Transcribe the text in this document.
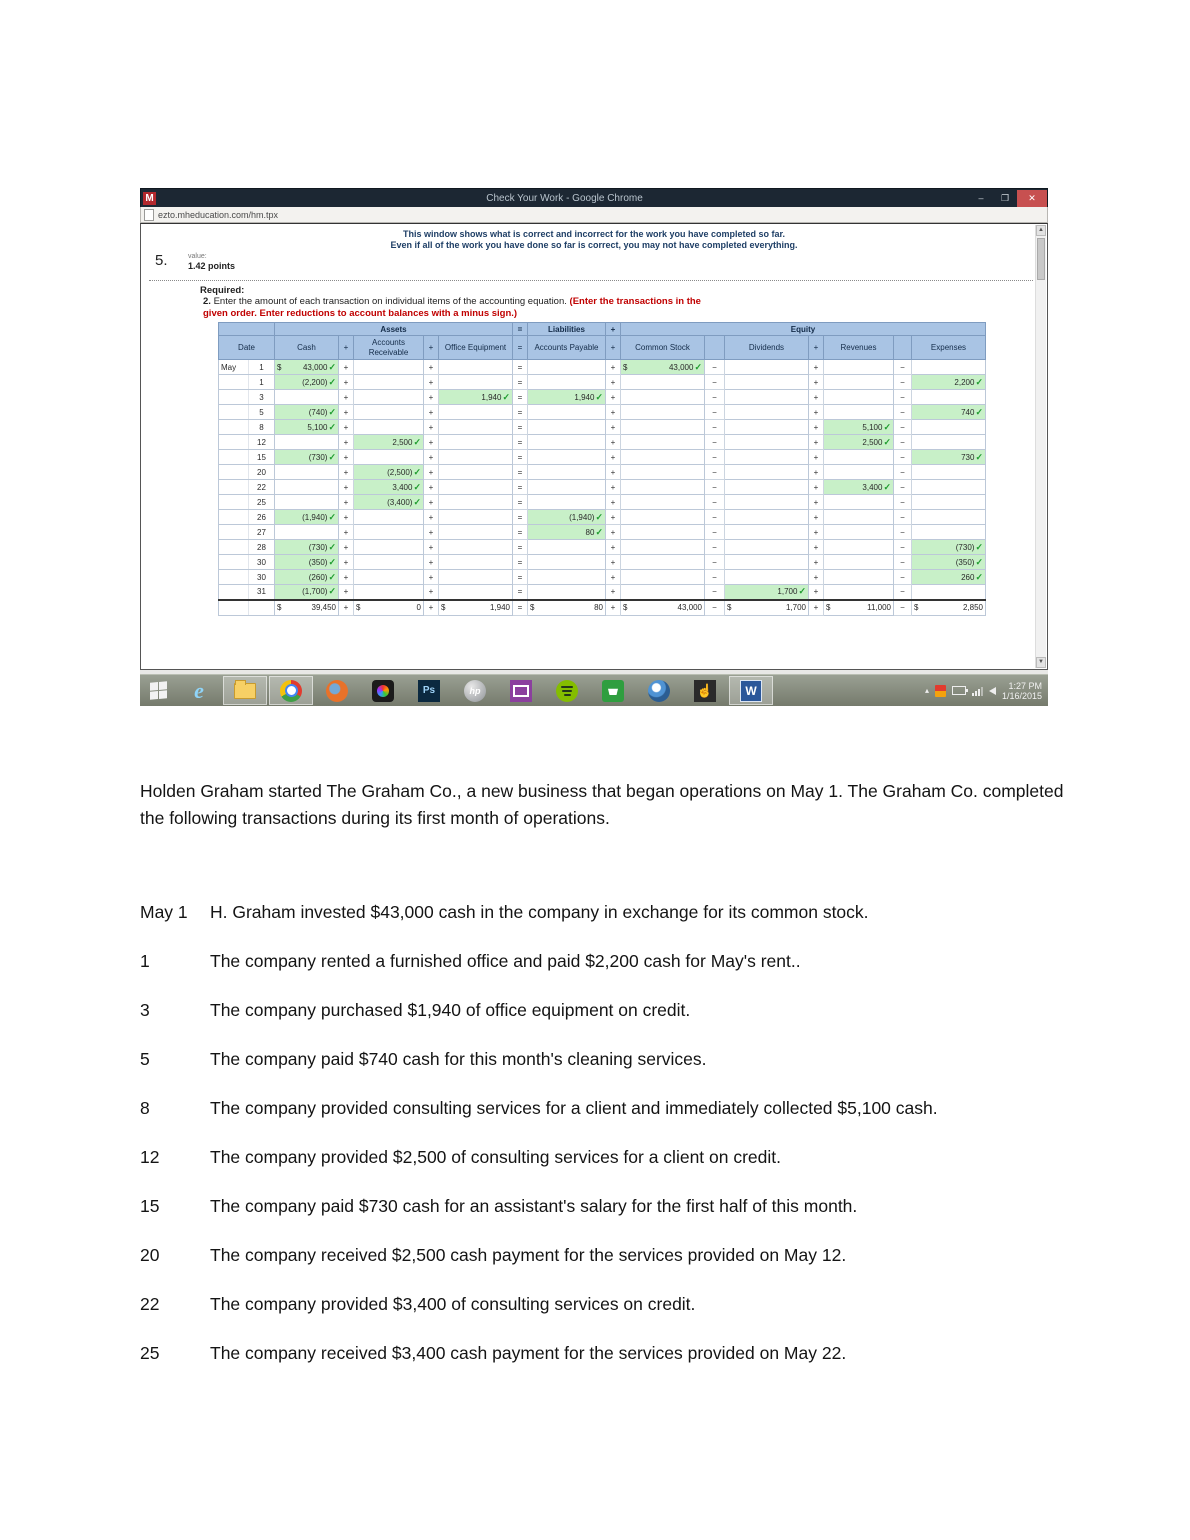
M	Check Your Work - Google Chrome	–	❐	✕
ezto.mheducation.com/hm.tpx
This window shows what is correct and incorrect for the work you have completed so far.
Even if all of the work you have done so far is correct, you may not have completed everything.
5.	value:
1.42 points
Required:
2. Enter the amount of each transaction on individual items of the accounting equation. (Enter the transactions in the given order. Enter reductions to account balances with a minus sign.)
		Assets					=	Liabilities	+	Equity						
Date		Cash	+	Accounts Receivable	+	Office Equipment	=	Accounts Payable	+	Common Stock		Dividends	+	Revenues		Expenses
May	1	$ 43,000 ✓	+		+		=		+	$ 43,000 ✓	−		+		−	
	1	(2,200) ✓	+		+		=		+		−		+		−	2,200 ✓

	3		+		+	1,940 ✓	=	1,940 ✓	+		−		+		−	
	5	(740) ✓	+		+		=		+		−		+		−	740 ✓

	8	5,100 ✓	+		+		=		+		−		+	5,100 ✓	−	
	12		+	2,500 ✓	+		=		+		−		+	2,500 ✓	−	
	15	(730) ✓	+		+		=		+		−		+		−	730 ✓

	20		+	(2,500) ✓	+		=		+		−		+		−	
	22		+	3,400 ✓	+		=		+		−		+	3,400 ✓	−	
	25		+	(3,400) ✓	+		=		+		−		+		−	
	26	(1,940) ✓	+		+		=	(1,940) ✓	+		−		+		−	
	27		+		+		=	80 ✓	+		−		+		−	
	28	(730) ✓	+		+		=		+		−		+		−	(730) ✓

	30	(350) ✓	+		+		=		+		−		+		−	(350) ✓

	30	(260) ✓	+		+		=		+		−		+		−	260 ✓

	31	(1,700) ✓	+		+		=		+		−	1,700 ✓	+		−	

		$ 39,450	+	$ 0	+	$ 1,940	=	$ 80	+	$ 43,000	−	$ 1,700	+	$ 11,000	−	$ 2,850
▲
▼
e	Ps	hp	☝	W	▴	1:27 PM
1/16/2015

Holden Graham started The Graham Co., a new business that began operations on May 1. The Graham Co. completed the following transactions during its first month of operations.

May 1	H. Graham invested $43,000 cash in the company in exchange for its common stock.
1	The company rented a furnished office and paid $2,200 cash for May's rent..
3	The company purchased $1,940 of office equipment on credit.
5	The company paid $740 cash for this month's cleaning services.
8	The company provided consulting services for a client and immediately collected $5,100 cash.
12	The company provided $2,500 of consulting services for a client on credit.
15	The company paid $730 cash for an assistant's salary for the first half of this month.
20	The company received $2,500 cash payment for the services provided on May 12.
22	The company provided $3,400 of consulting services on credit.
25	The company received $3,400 cash payment for the services provided on May 22.
